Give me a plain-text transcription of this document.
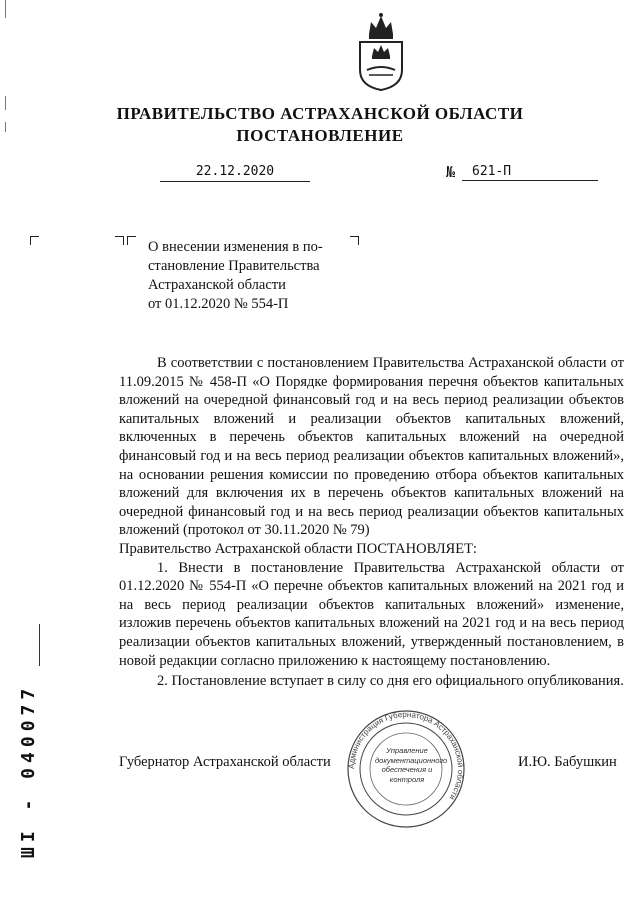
ПРАВИТЕЛЬСТВО АСТРАХАНСКОЙ ОБЛАСТИ
ПОСТАНОВЛЕНИЕ
22.12.2020	№	621-П
О внесении изменения в по-
становление Правительства
Астраханской области
от 01.12.2020 № 554-П

В соответствии с постановлением Правительства Астраханской области от 11.09.2015 № 458-П «О Порядке формирования перечня объектов капитальных вложений на очередной финансовый год и на весь период реализации объектов капитальных вложений и реализации объектов капитальных вложений, включенных в перечень объектов капитальных вложений на очередной финансовый год и на весь период реализации объектов капитальных вложений», на основании решения комиссии по проведению отбора объектов капитальных вложений для включения их в перечень объектов капитальных вложений на очередной финансовый год и на весь период реализации объектов капитальных вложений (протокол от 30.11.2020 № 79)

Правительство Астраханской области ПОСТАНОВЛЯЕТ:

1. Внести в постановление Правительства Астраханской области от 01.12.2020 № 554-П «О перечне объектов капитальных вложений на 2021 год и на весь период реализации объектов капитальных вложений» изменение, изложив перечень объектов капитальных вложений на 2021 год и на весь период реализации объектов капитальных вложений, утвержденный постановлением, в новой редакции согласно приложению к настоящему постановлению.

2. Постановление вступает в силу со дня его официального опубликования.

Губернатор Астраханской области	И.Ю. Бабушкин
Администрация Губернатора Астраханской области
Управление документационного обеспечения и контроля
ШI - 040077
